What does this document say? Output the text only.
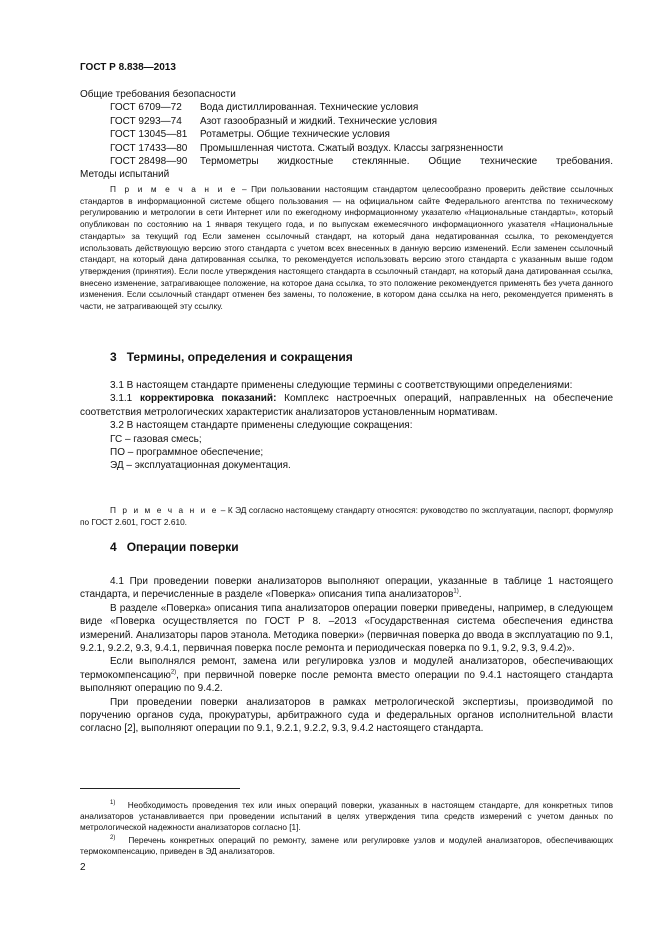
ГОСТ Р 8.838—2013

Общие требования безопасности

ГОСТ 6709—72	Вода дистиллированная. Технические условия
ГОСТ 9293—74	Азот газообразный и жидкий. Технические условия
ГОСТ 13045—81	Ротаметры. Общие технические условия
ГОСТ 17433—80	Промышленная чистота. Сжатый воздух. Классы загрязненности
ГОСТ 28498—90	Термометры жидкостные стеклянные. Общие технические требования.

Методы испытаний

П р и м е ч а н и е – При пользовании настоящим стандартом целесообразно проверить действие ссылочных стандартов в информационной системе общего пользования — на официальном сайте Федерального агентства по техническому регулированию и метрологии в сети Интернет или по ежегодному информационному указателю «Национальные стандарты», который опубликован по состоянию на 1 января текущего года, и по выпускам ежемесячного информационного указателя «Национальные стандарты» за текущий год Если заменен ссылочный стандарт, на который дана недатированная ссылка, то рекомендуется использовать действующую версию этого стандарта с учетом всех внесенных в данную версию изменений. Если заменен ссылочный стандарт, на который дана датированная ссылка, то рекомендуется использовать версию этого стандарта с указанным выше годом утверждения (принятия). Если после утверждения настоящего стандарта в ссылочный стандарт, на который дана датированная ссылка, внесено изменение, затрагивающее положение, на которое дана ссылка, то это положение рекомендуется применять без учета данного изменения. Если ссылочный стандарт отменен без замены, то положение, в котором дана ссылка на него, рекомендуется применять в части, не затрагивающей эту ссылку.

3 Термины, определения и сокращения

3.1 В настоящем стандарте применены следующие термины с соответствующими определениями:

3.1.1 корректировка показаний: Комплекс настроечных операций, направленных на обеспечение соответствия метрологических характеристик анализаторов установленным нормативам.

3.2 В настоящем стандарте применены следующие сокращения:

ГС – газовая смесь;

ПО – программное обеспечение;

ЭД – эксплуатационная документация.

П р и м е ч а н и е – К ЭД согласно настоящему стандарту относятся: руководство по эксплуатации, паспорт, формуляр по ГОСТ 2.601, ГОСТ 2.610.

4 Операции поверки

4.1 При проведении поверки анализаторов выполняют операции, указанные в таблице 1 настоящего стандарта, и перечисленные в разделе «Поверка» описания типа анализаторов$^{1)}$.

В разделе «Поверка» описания типа анализаторов операции поверки приведены, например, в следующем виде «Поверка осуществляется по ГОСТ Р 8. –2013 «Государственная система обеспечения единства измерений. Анализаторы паров этанола. Методика поверки» (первичная поверка до ввода в эксплуатацию по 9.1, 9.2.1, 9.2.2, 9.3, 9.4.1, первичная поверка после ремонта и периодическая поверка по 9.1, 9.2, 9.3, 9.4.2)».

Если выполнялся ремонт, замена или регулировка узлов и модулей анализаторов, обеспечивающих термокомпенсацию$^{2)}$, при первичной поверке после ремонта вместо операции по 9.4.1 настоящего стандарта выполняют операцию по 9.4.2.

При проведении поверки анализаторов в рамках метрологической экспертизы, производимой по поручению органов суда, прокуратуры, арбитражного суда и федеральных органов исполнительной власти согласно [2], выполняют операции по 9.1, 9.2.1, 9.2.2, 9.3, 9.4.2 настоящего стандарта.

$^{1)}$ Необходимость проведения тех или иных операций поверки, указанных в настоящем стандарте, для конкретных типов анализаторов устанавливается при проведении испытаний в целях утверждения типа средств измерений с учетом данных по метрологической надежности анализаторов согласно [1].

$^{2)}$ Перечень конкретных операций по ремонту, замене или регулировке узлов и модулей анализаторов, обеспечивающих термокомпенсацию, приведен в ЭД анализаторов.

2
